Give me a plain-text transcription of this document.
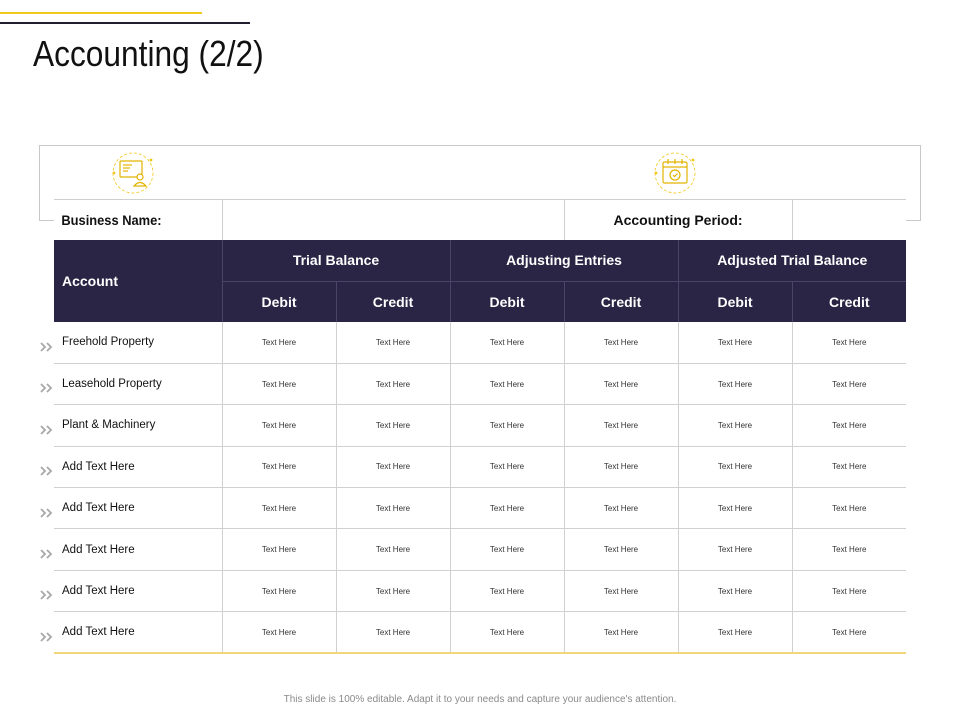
Accounting (2/2)
Business Name:		Accounting Period:	
Account	Trial Balance		Adjusting Entries		Adjusted Trial Balance	
	Debit	Credit	Debit	Credit	Debit	Credit
Freehold Property	Text Here	Text Here	Text Here	Text Here	Text Here	Text Here
Leasehold Property	Text Here	Text Here	Text Here	Text Here	Text Here	Text Here
Plant & Machinery	Text Here	Text Here	Text Here	Text Here	Text Here	Text Here
Add Text Here	Text Here	Text Here	Text Here	Text Here	Text Here	Text Here
Add Text Here	Text Here	Text Here	Text Here	Text Here	Text Here	Text Here
Add Text Here	Text Here	Text Here	Text Here	Text Here	Text Here	Text Here
Add Text Here	Text Here	Text Here	Text Here	Text Here	Text Here	Text Here
Add Text Here	Text Here	Text Here	Text Here	Text Here	Text Here	Text Here
This slide is 100% editable. Adapt it to your needs and capture your audience's attention.
